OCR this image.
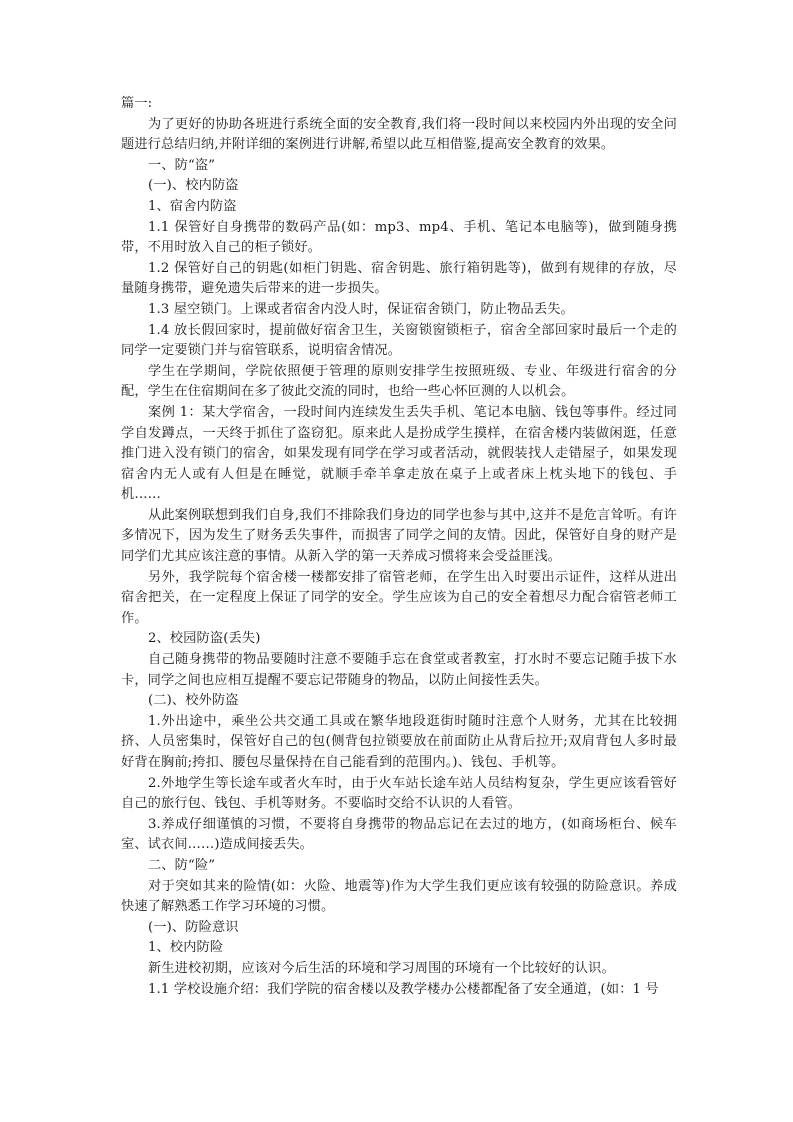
篇一:

为了更好的协助各班进行系统全面的安全教育,我们将一段时间以来校园内外出现的安全问题进行总结归纳,并附详细的案例进行讲解,希望以此互相借鉴,提高安全教育的效果。

一、防“盗”

(一)、校内防盗

1、宿舍内防盗

1.1 保管好自身携带的数码产品(如：mp3、mp4、手机、笔记本电脑等)，做到随身携带，不用时放入自己的柜子锁好。

1.2 保管好自己的钥匙(如柜门钥匙、宿舍钥匙、旅行箱钥匙等)，做到有规律的存放，尽量随身携带，避免遗失后带来的进一步损失。

1.3 屋空锁门。上课或者宿舍内没人时，保证宿舍锁门，防止物品丢失。

1.4 放长假回家时，提前做好宿舍卫生，关窗锁窗锁柜子，宿舍全部回家时最后一个走的同学一定要锁门并与宿管联系，说明宿舍情况。

学生在学期间，学院依照便于管理的原则安排学生按照班级、专业、年级进行宿舍的分配，学生在住宿期间在多了彼此交流的同时，也给一些心怀叵测的人以机会。

案例 1：某大学宿舍，一段时间内连续发生丢失手机、笔记本电脑、钱包等事件。经过同学自发蹲点，一天终于抓住了盗窃犯。原来此人是扮成学生摸样，在宿舍楼内装做闲逛，任意推门进入没有锁门的宿舍，如果发现有同学在学习或者活动，就假装找人走错屋子，如果发现宿舍内无人或有人但是在睡觉，就顺手牵羊拿走放在桌子上或者床上枕头地下的钱包、手机……

从此案例联想到我们自身,我们不排除我们身边的同学也参与其中,这并不是危言耸听。有许多情况下，因为发生了财务丢失事件，而损害了同学之间的友情。因此，保管好自身的财产是同学们尤其应该注意的事情。从新入学的第一天养成习惯将来会受益匪浅。

另外，我学院每个宿舍楼一楼都安排了宿管老师，在学生出入时要出示证件，这样从进出宿舍把关，在一定程度上保证了同学的安全。学生应该为自己的安全着想尽力配合宿管老师工作。

2、校园防盗(丢失)

自己随身携带的物品要随时注意不要随手忘在食堂或者教室，打水时不要忘记随手拔下水卡，同学之间也应相互提醒不要忘记带随身的物品，以防止间接性丢失。

(二)、校外防盗

1.外出途中，乘坐公共交通工具或在繁华地段逛街时随时注意个人财务，尤其在比较拥挤、人员密集时，保管好自己的包(侧背包拉锁要放在前面防止从背后拉开;双肩背包人多时最好背在胸前;挎扣、腰包尽量保持在自己能看到的范围内。)、钱包、手机等。

2.外地学生等长途车或者火车时，由于火车站长途车站人员结构复杂，学生更应该看管好自己的旅行包、钱包、手机等财务。不要临时交给不认识的人看管。

3.养成仔细谨慎的习惯，不要将自身携带的物品忘记在去过的地方，(如商场柜台、候车室、试衣间……)造成间接丢失。

二、防“险”

对于突如其来的险情(如：火险、地震等)作为大学生我们更应该有较强的防险意识。养成快速了解熟悉工作学习环境的习惯。

(一)、防险意识

1、校内防险

新生进校初期，应该对今后生活的环境和学习周围的环境有一个比较好的认识。

1.1 学校设施介绍：我们学院的宿舍楼以及教学楼办公楼都配备了安全通道，(如：1 号
